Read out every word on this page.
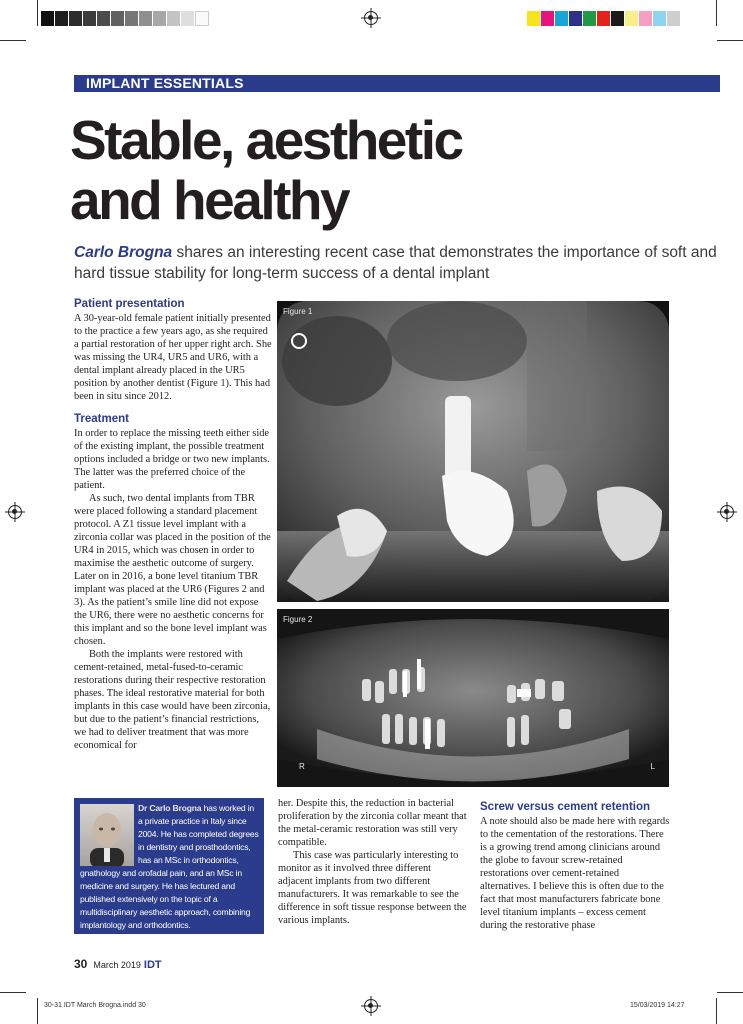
IMPLANT ESSENTIALS
Stable, aesthetic
and healthy

Carlo Brogna shares an interesting recent case that demonstrates the importance of soft and hard tissue stability for long-term success of a dental implant

Patient presentation

A 30-year-old female patient initially presented to the practice a few years ago, as she required a partial restoration of her upper right arch. She was missing the UR4, UR5 and UR6, with a dental implant already placed in the UR5 position by another dentist (Figure 1). This had been in situ since 2012.

Treatment

In order to replace the missing teeth either side of the existing implant, the possible treatment options included a bridge or two new implants. The latter was the preferred choice of the patient.

As such, two dental implants from TBR were placed following a standard placement protocol. A Z1 tissue level implant with a zirconia collar was placed in the position of the UR4 in 2015, which was chosen in order to maximise the aesthetic outcome of surgery. Later on in 2016, a bone level titanium TBR implant was placed at the UR6 (Figures 2 and 3). As the patient’s smile line did not expose the UR6, there were no aesthetic concerns for this implant and so the bone level implant was chosen.

Both the implants were restored with cement-retained, metal-fused-to-ceramic restorations during their respective restoration phases. The ideal restorative material for both implants in this case would have been zirconia, but due to the patient’s financial restrictions, we had to deliver treatment that was more economical for

Figure 1
Figure 2
R	L
Dr Carlo Brogna has worked in a private practice in Italy since 2004. He has completed degrees in dentistry and prosthodontics, has an MSc in orthodontics, gnathology and orofadal pain, and an MSc in medicine and surgery. He has lectured and published extensively on the topic of a multidisciplinary aesthetic approach, combining implantology and orthodontics.

her. Despite this, the reduction in bacterial proliferation by the zirconia collar meant that the metal-ceramic restoration was still very compatible.

This case was particularly interesting to monitor as it involved three different adjacent implants from two different manufacturers. It was remarkable to see the difference in soft tissue response between the various implants.

Screw versus cement retention

A note should also be made here with regards to the cementation of the restorations. There is a growing trend among clinicians around the globe to favour screw-retained restorations over cement-retained alternatives. I believe this is often due to the fact that most manufacturers fabricate bone level titanium implants – excess cement during the restorative phase

30 March 2019 IDT
30-31 IDT March Brogna.indd 30	15/03/2019 14:27
